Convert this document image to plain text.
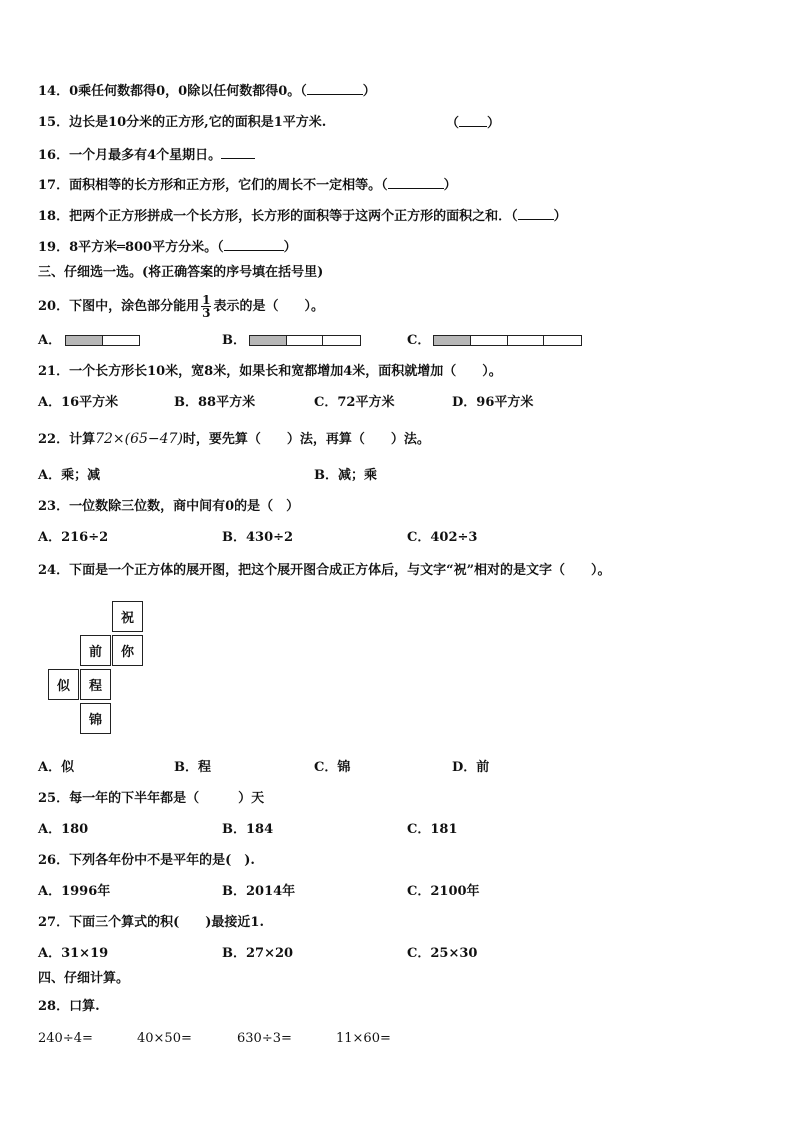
14．0乘任何数都得0，0除以任何数都得0。（	）
15．边长是10分米的正方形,它的面积是1平方米.	（ ）
16．一个月最多有4个星期日。
17．面积相等的长方形和正方形，它们的周长不一定相等。（	）
18．把两个正方形拼成一个长方形，长方形的面积等于这两个正方形的面积之和．（	）
19．8平方米═800平方分米。（	）
三、仔细选一选。(将正确答案的序号填在括号里)
20．下图中，涂色部分能用 $\frac{1}{3}$ 表示的是（　　）。
A．	B．	C．
21．一个长方形长10米，宽8米，如果长和宽都增加4米，面积就增加（　　）。
A．16平方米	B．88平方米	C．72平方米	D．96平方米
22．计算72×(65−47)时，要先算（　　）法，再算（　　）法。
A．乘；减	B．减；乘
23．一位数除三位数，商中间有0的是（　）
A．216÷2	B．430÷2	C．402÷3
24．下面是一个正方体的展开图，把这个展开图合成正方体后，与文字“祝”相对的是文字（　　）。
祝
前	你
似	程
锦
A．似	B．程	C．锦	D．前
25．每一年的下半年都是（　　　）天
A．180	B．184	C．181
26．下列各年份中不是平年的是(　).
A．1996年	B．2014年	C．2100年
27．下面三个算式的积(　　)最接近1.
A．31×19	B．27×20	C．25×30
四、仔细计算。
28．口算.
240÷4=	40×50=	630÷3=	11×60=
